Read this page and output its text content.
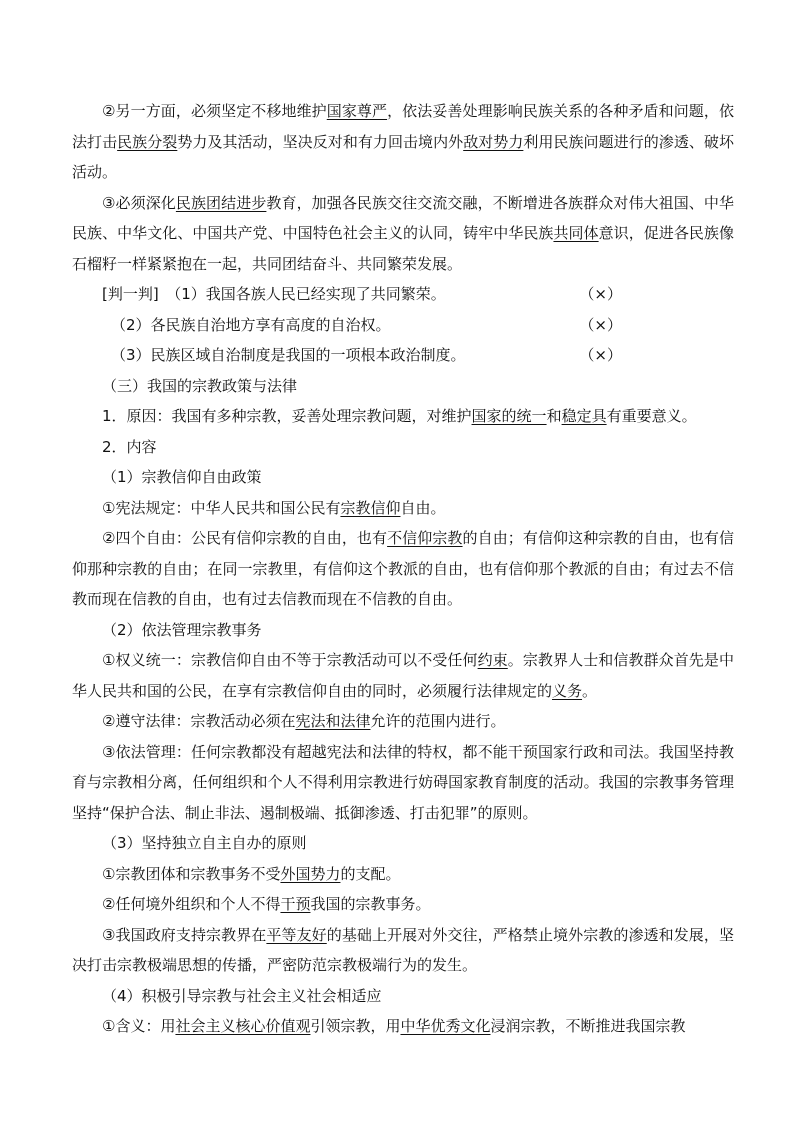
②另一方面，必须坚定不移地维护国家尊严，依法妥善处理影响民族关系的各种矛盾和问题，依法打击民族分裂势力及其活动，坚决反对和有力回击境内外敌对势力利用民族问题进行的渗透、破坏活动。

③必须深化民族团结进步教育，加强各民族交往交流交融，不断增进各族群众对伟大祖国、中华民族、中华文化、中国共产党、中国特色社会主义的认同，铸牢中华民族共同体意识，促进各民族像石榴籽一样紧紧抱在一起，共同团结奋斗、共同繁荣发展。

[判一判]　（1）我国各族人民已经实现了共同繁荣。	（×）
（2）各民族自治地方享有高度的自治权。	（×）
（3）民族区域自治制度是我国的一项根本政治制度。	（×）

（三）我国的宗教政策与法律

1．原因：我国有多种宗教，妥善处理宗教问题，对维护国家的统一和稳定具有重要意义。

2．内容

（1）宗教信仰自由政策

①宪法规定：中华人民共和国公民有宗教信仰自由。

②四个自由：公民有信仰宗教的自由，也有不信仰宗教的自由；有信仰这种宗教的自由，也有信仰那种宗教的自由；在同一宗教里，有信仰这个教派的自由，也有信仰那个教派的自由；有过去不信教而现在信教的自由，也有过去信教而现在不信教的自由。

（2）依法管理宗教事务

①权义统一：宗教信仰自由不等于宗教活动可以不受任何约束。宗教界人士和信教群众首先是中华人民共和国的公民，在享有宗教信仰自由的同时，必须履行法律规定的义务。

②遵守法律：宗教活动必须在宪法和法律允许的范围内进行。

③依法管理：任何宗教都没有超越宪法和法律的特权，都不能干预国家行政和司法。我国坚持教育与宗教相分离，任何组织和个人不得利用宗教进行妨碍国家教育制度的活动。我国的宗教事务管理坚持“保护合法、制止非法、遏制极端、抵御渗透、打击犯罪”的原则。

（3）坚持独立自主自办的原则

①宗教团体和宗教事务不受外国势力的支配。

②任何境外组织和个人不得干预我国的宗教事务。

③我国政府支持宗教界在平等友好的基础上开展对外交往，严格禁止境外宗教的渗透和发展，坚决打击宗教极端思想的传播，严密防范宗教极端行为的发生。

（4）积极引导宗教与社会主义社会相适应

①含义：用社会主义核心价值观引领宗教，用中华优秀文化浸润宗教，不断推进我国宗教
